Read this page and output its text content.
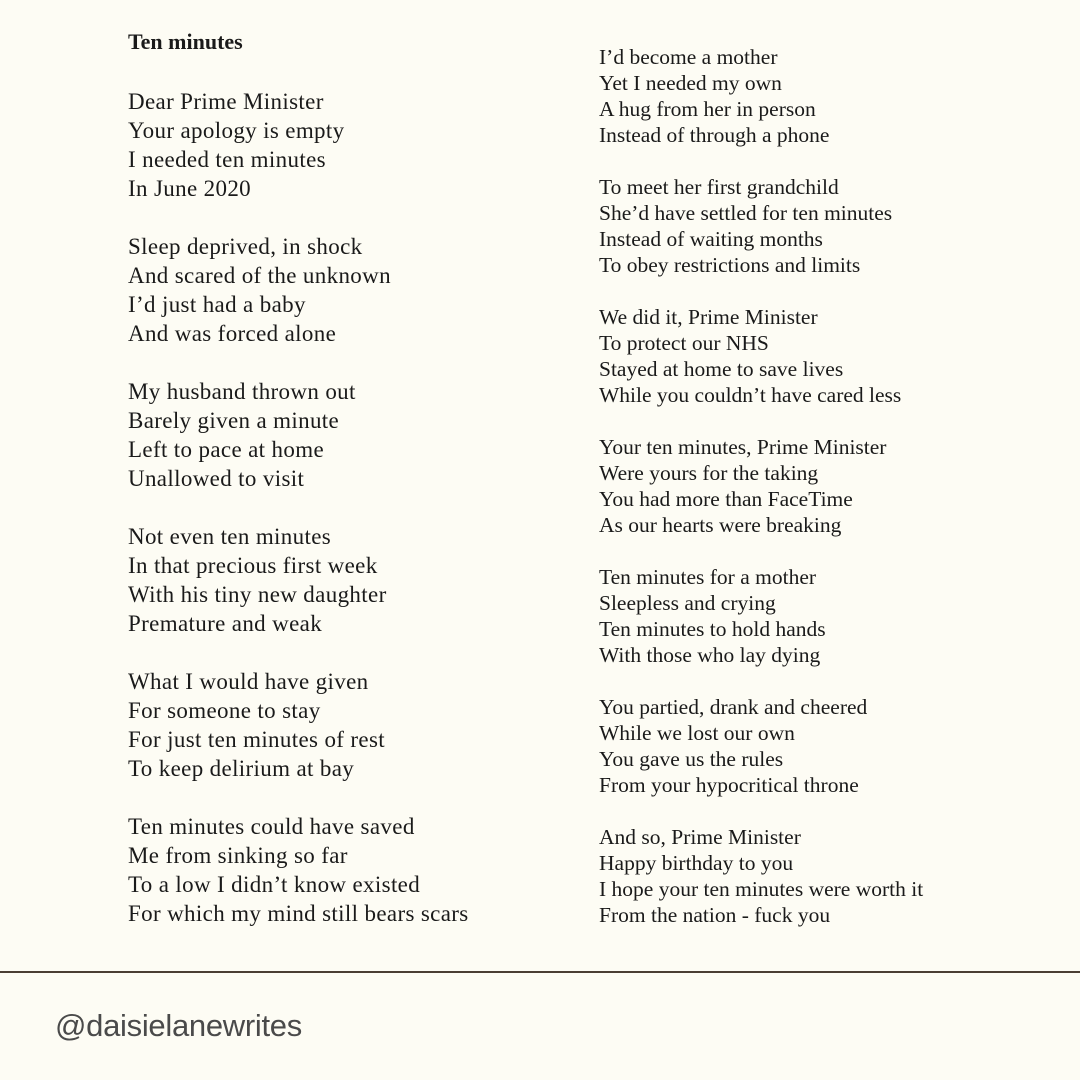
Ten minutes
Dear Prime Minister
Your apology is empty
I needed ten minutes
In June 2020
Sleep deprived, in shock
And scared of the unknown
I’d just had a baby
And was forced alone
My husband thrown out
Barely given a minute
Left to pace at home
Unallowed to visit
Not even ten minutes
In that precious first week
With his tiny new daughter
Premature and weak
What I would have given
For someone to stay
For just ten minutes of rest
To keep delirium at bay
Ten minutes could have saved
Me from sinking so far
To a low I didn’t know existed
For which my mind still bears scars
I’d become a mother
Yet I needed my own
A hug from her in person
Instead of through a phone
To meet her first grandchild
She’d have settled for ten minutes
Instead of waiting months
To obey restrictions and limits
We did it, Prime Minister
To protect our NHS
Stayed at home to save lives
While you couldn’t have cared less
Your ten minutes, Prime Minister
Were yours for the taking
You had more than FaceTime
As our hearts were breaking
Ten minutes for a mother
Sleepless and crying
Ten minutes to hold hands
With those who lay dying
You partied, drank and cheered
While we lost our own
You gave us the rules
From your hypocritical throne
And so, Prime Minister
Happy birthday to you
I hope your ten minutes were worth it
From the nation - fuck you
@daisielanewrites
